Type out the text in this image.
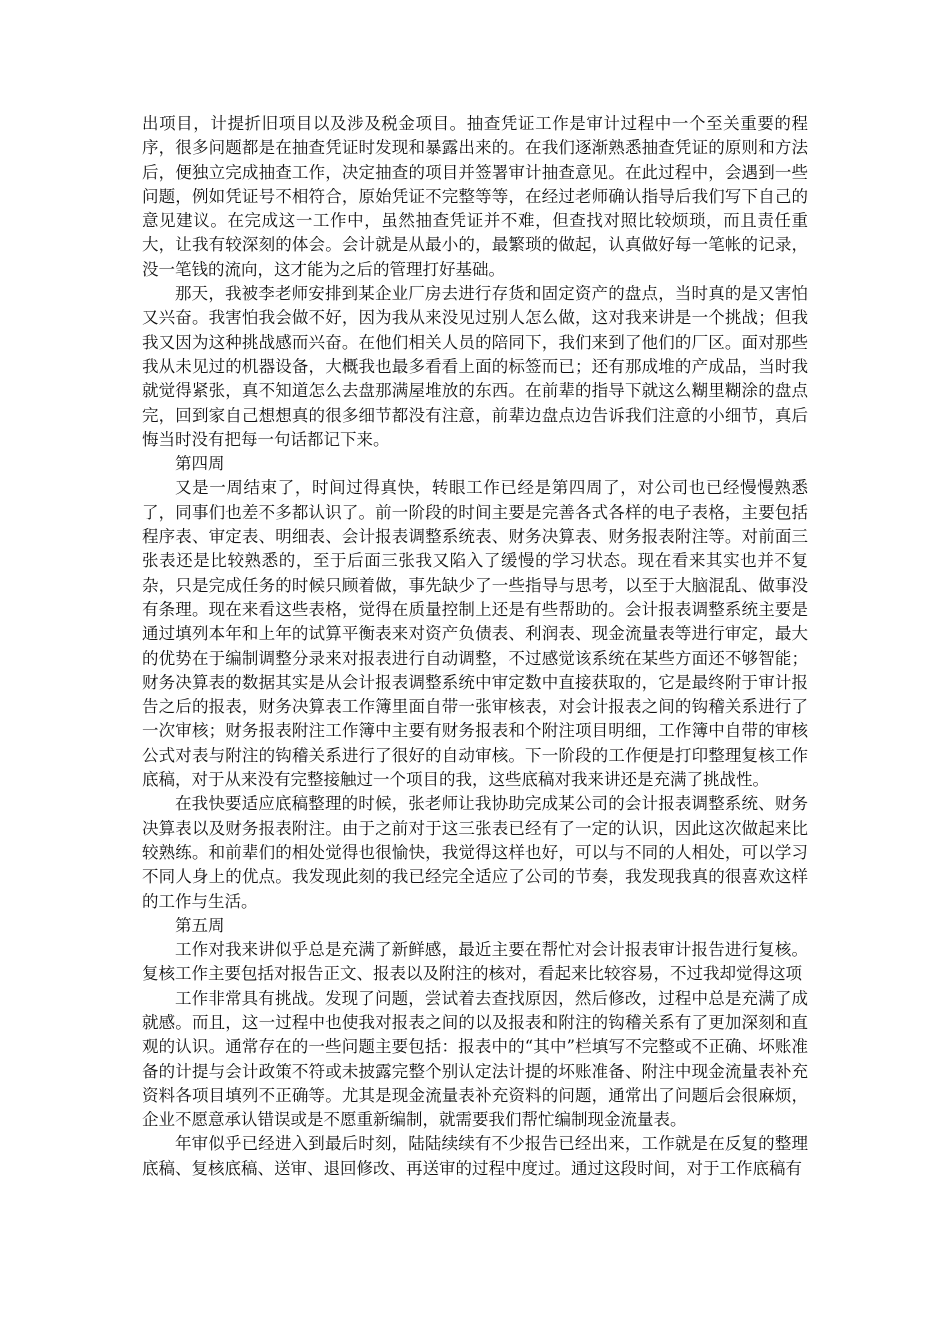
出项目，计提折旧项目以及涉及税金项目。抽查凭证工作是审计过程中一个至关重要的程序，很多问题都是在抽查凭证时发现和暴露出来的。在我们逐渐熟悉抽查凭证的原则和方法后，便独立完成抽查工作，决定抽查的项目并签署审计抽查意见。在此过程中，会遇到一些问题，例如凭证号不相符合，原始凭证不完整等等，在经过老师确认指导后我们写下自己的意见建议。在完成这一工作中，虽然抽查凭证并不难，但查找对照比较烦琐，而且责任重大，让我有较深刻的体会。会计就是从最小的，最繁琐的做起，认真做好每一笔帐的记录，没一笔钱的流向，这才能为之后的管理打好基础。

那天，我被李老师安排到某企业厂房去进行存货和固定资产的盘点，当时真的是又害怕又兴奋。我害怕我会做不好，因为我从来没见过别人怎么做，这对我来讲是一个挑战；但我我又因为这种挑战感而兴奋。在他们相关人员的陪同下，我们来到了他们的厂区。面对那些我从未见过的机器设备，大概我也最多看看上面的标签而已；还有那成堆的产成品，当时我就觉得紧张，真不知道怎么去盘那满屋堆放的东西。在前辈的指导下就这么糊里糊涂的盘点完，回到家自己想想真的很多细节都没有注意，前辈边盘点边告诉我们注意的小细节，真后悔当时没有把每一句话都记下来。

第四周

又是一周结束了，时间过得真快，转眼工作已经是第四周了，对公司也已经慢慢熟悉了，同事们也差不多都认识了。前一阶段的时间主要是完善各式各样的电子表格，主要包括程序表、审定表、明细表、会计报表调整系统表、财务决算表、财务报表附注等。对前面三张表还是比较熟悉的，至于后面三张我又陷入了缓慢的学习状态。现在看来其实也并不复杂，只是完成任务的时候只顾着做，事先缺少了一些指导与思考，以至于大脑混乱、做事没有条理。现在来看这些表格，觉得在质量控制上还是有些帮助的。会计报表调整系统主要是通过填列本年和上年的试算平衡表来对资产负债表、利润表、现金流量表等进行审定，最大的优势在于编制调整分录来对报表进行自动调整，不过感觉该系统在某些方面还不够智能；财务决算表的数据其实是从会计报表调整系统中审定数中直接获取的，它是最终附于审计报告之后的报表，财务决算表工作簿里面自带一张审核表，对会计报表之间的钩稽关系进行了一次审核；财务报表附注工作簿中主要有财务报表和个附注项目明细，工作簿中自带的审核公式对表与附注的钩稽关系进行了很好的自动审核。下一阶段的工作便是打印整理复核工作底稿，对于从来没有完整接触过一个项目的我，这些底稿对我来讲还是充满了挑战性。

在我快要适应底稿整理的时候，张老师让我协助完成某公司的会计报表调整系统、财务决算表以及财务报表附注。由于之前对于这三张表已经有了一定的认识，因此这次做起来比较熟练。和前辈们的相处觉得也很愉快，我觉得这样也好，可以与不同的人相处，可以学习不同人身上的优点。我发现此刻的我已经完全适应了公司的节奏，我发现我真的很喜欢这样的工作与生活。

第五周

工作对我来讲似乎总是充满了新鲜感，最近主要在帮忙对会计报表审计报告进行复核。复核工作主要包括对报告正文、报表以及附注的核对，看起来比较容易，不过我却觉得这项

工作非常具有挑战。发现了问题，尝试着去查找原因，然后修改，过程中总是充满了成就感。而且，这一过程中也使我对报表之间的以及报表和附注的钩稽关系有了更加深刻和直观的认识。通常存在的一些问题主要包括：报表中的“其中”栏填写不完整或不正确、坏账准备的计提与会计政策不符或未披露完整个别认定法计提的坏账准备、附注中现金流量表补充资料各项目填列不正确等。尤其是现金流量表补充资料的问题，通常出了问题后会很麻烦，企业不愿意承认错误或是不愿重新编制，就需要我们帮忙编制现金流量表。

年审似乎已经进入到最后时刻，陆陆续续有不少报告已经出来，工作就是在反复的整理底稿、复核底稿、送审、退回修改、再送审的过程中度过。通过这段时间，对于工作底稿有
